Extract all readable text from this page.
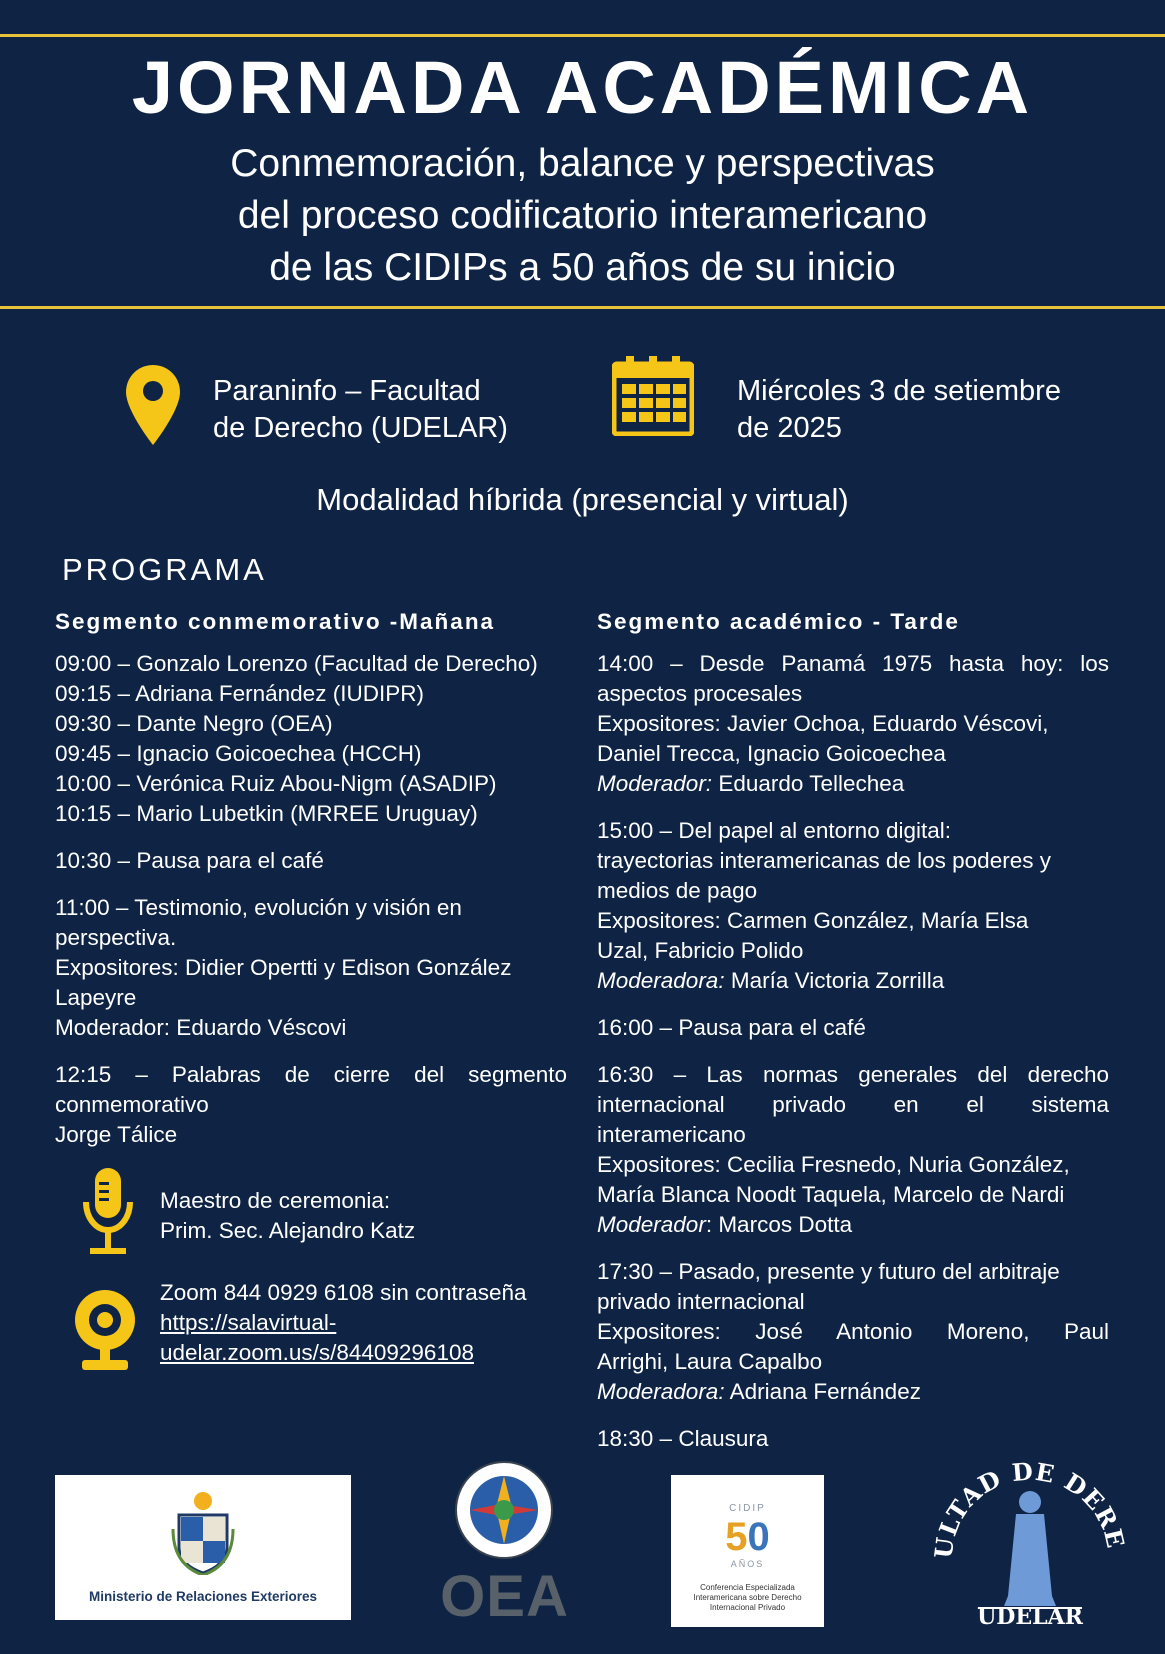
JORNADA ACADÉMICA
Conmemoración, balance y perspectivas
del proceso codificatorio interamericano
de las CIDIPs a 50 años de su inicio
Paraninfo – Facultad
de Derecho (UDELAR)
Miércoles 3 de setiembre
de 2025
Modalidad híbrida (presencial y virtual)
PROGRAMA
Segmento conmemorativo -Mañana
09:00 – Gonzalo Lorenzo (Facultad de Derecho)
09:15 – Adriana Fernández (IUDIPR)
09:30 – Dante Negro (OEA)
09:45 – Ignacio Goicoechea (HCCH)
10:00 – Verónica Ruiz Abou-Nigm (ASADIP)
10:15 – Mario Lubetkin (MRREE Uruguay)
10:30 – Pausa para el café
11:00 – Testimonio, evolución y visión en
perspectiva.
Expositores: Didier Opertti y Edison González
Lapeyre
Moderador: Eduardo Véscovi
12:15 – Palabras de cierre del segmento
conmemorativo
Jorge Tálice
Segmento académico - Tarde
14:00 – Desde Panamá 1975 hasta hoy: los
aspectos procesales
Expositores: Javier Ochoa, Eduardo Véscovi,
Daniel Trecca, Ignacio Goicoechea
Moderador: Eduardo Tellechea
15:00 – Del papel al entorno digital:
trayectorias interamericanas de los poderes y
medios de pago
Expositores: Carmen González, María Elsa
Uzal, Fabricio Polido
Moderadora: María Victoria Zorrilla
16:00 – Pausa para el café
16:30 – Las normas generales del derecho
internacional privado en el sistema
interamericano
Expositores: Cecilia Fresnedo, Nuria González,
María Blanca Noodt Taquela, Marcelo de Nardi
Moderador: Marcos Dotta
17:30 – Pasado, presente y futuro del arbitraje
privado internacional
Expositores: José Antonio Moreno, Paul
Arrighi, Laura Capalbo
Moderadora: Adriana Fernández
18:30 – Clausura
Maestro de ceremonia:
Prim. Sec. Alejandro Katz
Zoom 844 0929 6108 sin contraseña
https://salavirtual-
udelar.zoom.us/s/84409296108
Ministerio de Relaciones Exteriores	OEA
CIDIP
50
AÑOS
Conferencia Especializada Interamericana sobre Derecho Internacional Privado
ULTAD DE DERE
UDELAR
